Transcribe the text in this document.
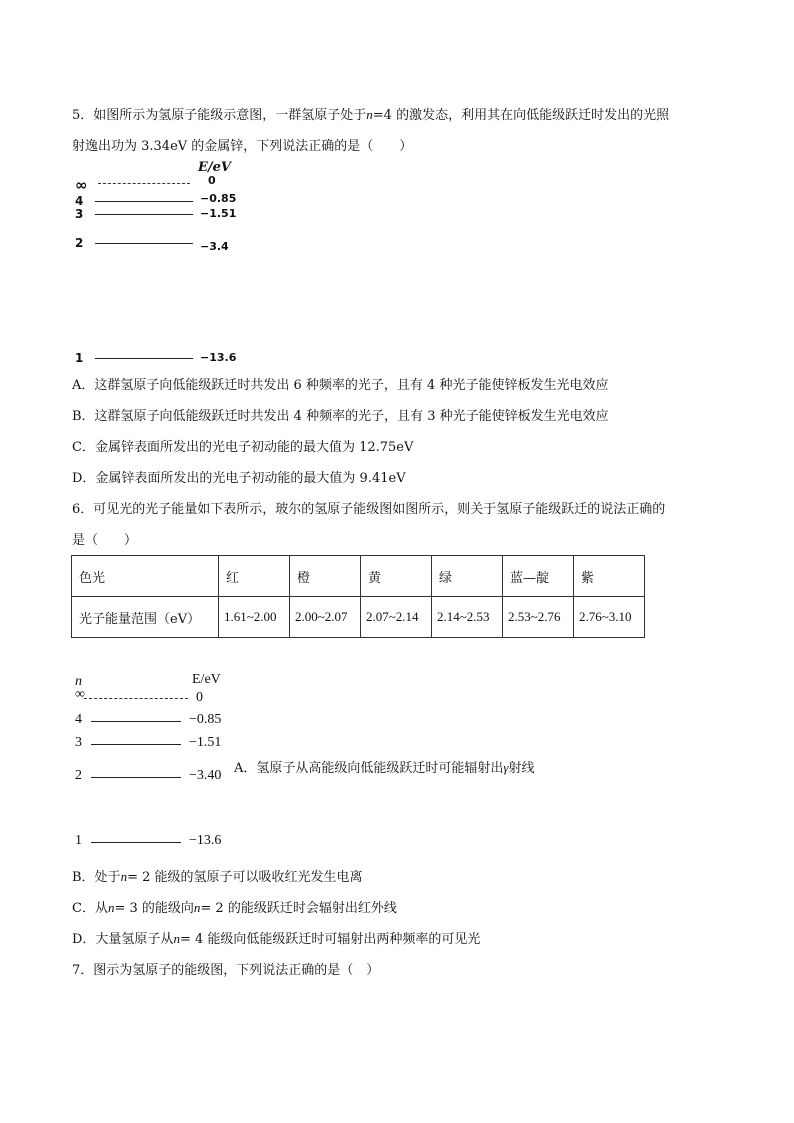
5．如图所示为氢原子能级示意图，一群氢原子处于n=4 的激发态，利用其在向低能级跃迁时发出的光照
射逸出功为 3.34eV 的金属锌，下列说法正确的是（　　）
E/eV
∞	0
4	−0.85
3	−1.51
2	−3.4
1	−13.6
A．这群氢原子向低能级跃迁时共发出 6 种频率的光子，且有 4 种光子能使锌板发生光电效应
B．这群氢原子向低能级跃迁时共发出 4 种频率的光子，且有 3 种光子能使锌板发生光电效应
C．金属锌表面所发出的光电子初动能的最大值为 12.75eV
D．金属锌表面所发出的光电子初动能的最大值为 9.41eV
6．可见光的光子能量如下表所示，玻尔的氢原子能级图如图所示，则关于氢原子能级跃迁的说法正确的
是（　　）
色光	红	橙	黄	绿	蓝—靛	紫
光子能量范围（eV）	1.61~2.00	2.00~2.07	2.07~2.14	2.14~2.53	2.53~2.76	2.76~3.10
n	E/eV
∞	0
4	−0.85
3	−1.51
2	−3.40
1	−13.6
A．氢原子从高能级向低能级跃迁时可能辐射出γ射线
B．处于n= 2 能级的氢原子可以吸收红光发生电离
C．从n= 3 的能级向n= 2 的能级跃迁时会辐射出红外线
D．大量氢原子从n= 4 能级向低能级跃迁时可辐射出两种频率的可见光
7．图示为氢原子的能级图，下列说法正确的是（　）
